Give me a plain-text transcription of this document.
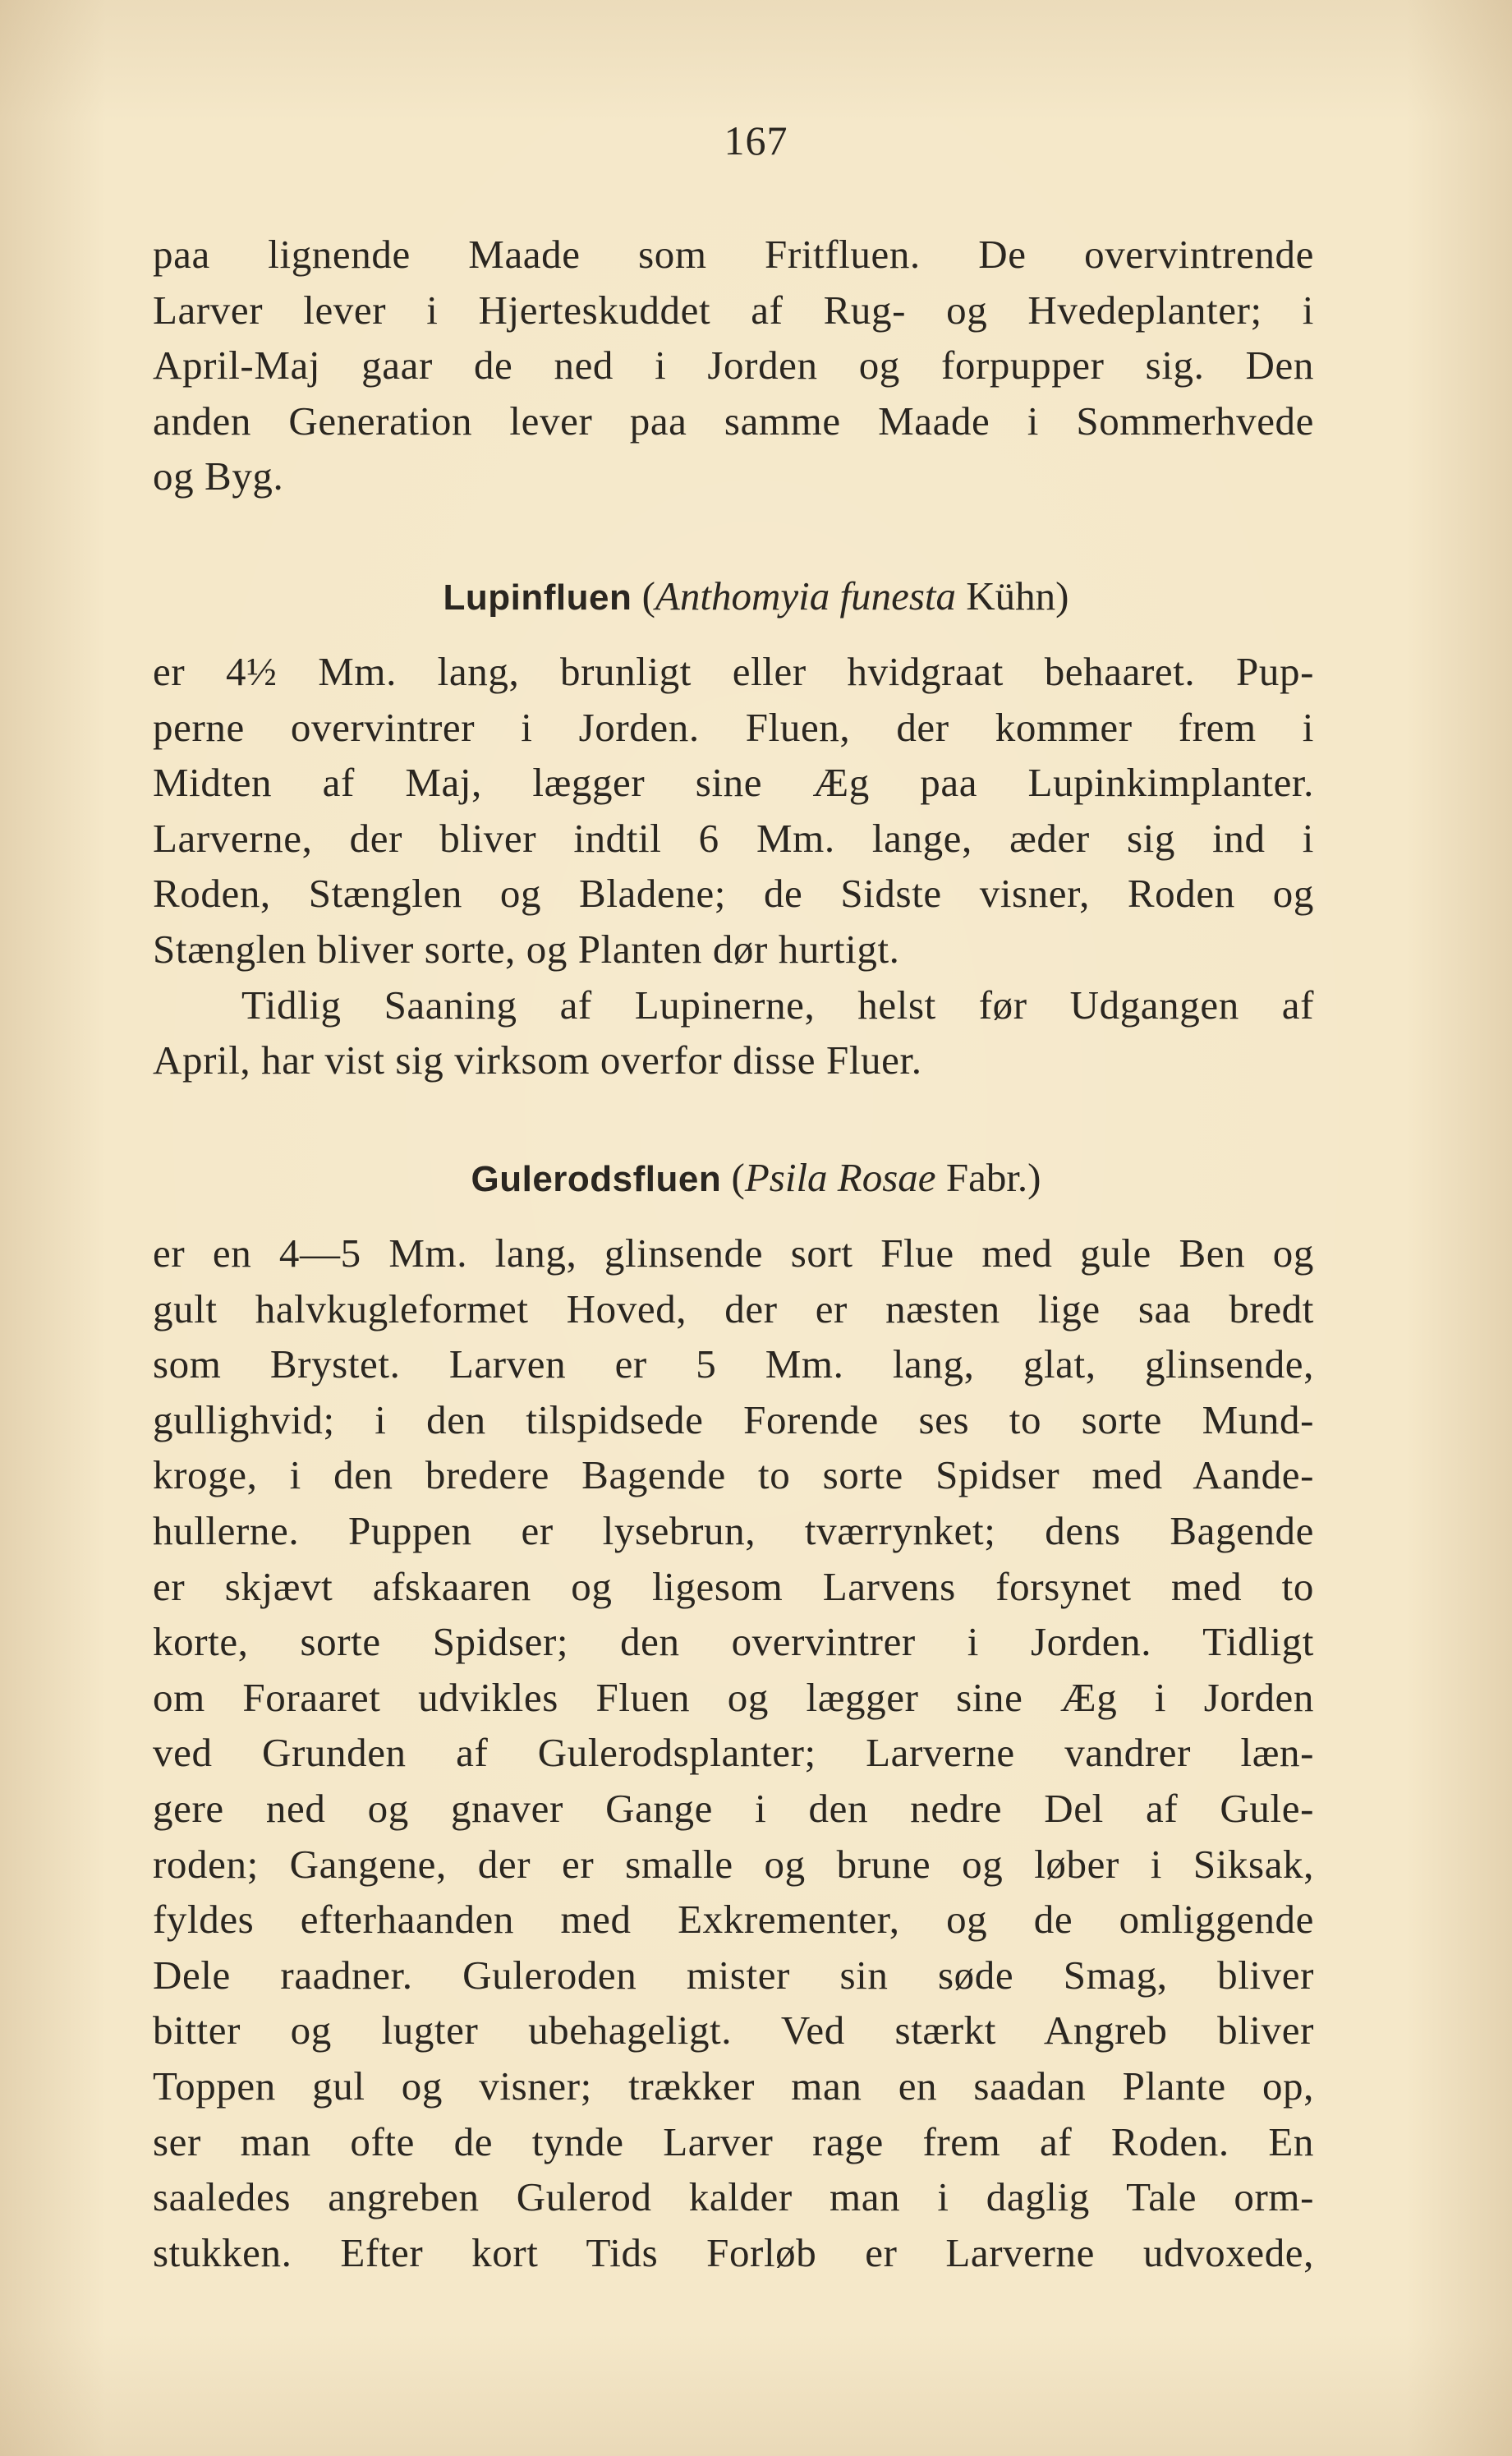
167
paa lignende Maade som Fritfluen. De overvintrende
Larver lever i Hjerteskuddet af Rug- og Hvedeplanter; i
April-Maj gaar de ned i Jorden og forpupper sig. Den
anden Generation lever paa samme Maade i Sommerhvede
og Byg.
Lupinfluen (Anthomyia funesta Kühn)
er 4½ Mm. lang, brunligt eller hvidgraat behaaret. Pup-
perne overvintrer i Jorden. Fluen, der kommer frem i
Midten af Maj, lægger sine Æg paa Lupinkimplanter.
Larverne, der bliver indtil 6 Mm. lange, æder sig ind i
Roden, Stænglen og Bladene; de Sidste visner, Roden og
Stænglen bliver sorte, og Planten dør hurtigt.
Tidlig Saaning af Lupinerne, helst før Udgangen af
April, har vist sig virksom overfor disse Fluer.
Gulerodsfluen (Psila Rosae Fabr.)
er en 4—5 Mm. lang, glinsende sort Flue med gule Ben og
gult halvkugleformet Hoved, der er næsten lige saa bredt
som Brystet. Larven er 5 Mm. lang, glat, glinsende,
gullighvid; i den tilspidsede Forende ses to sorte Mund-
kroge, i den bredere Bagende to sorte Spidser med Aande-
hullerne. Puppen er lysebrun, tværrynket; dens Bagende
er skjævt afskaaren og ligesom Larvens forsynet med to
korte, sorte Spidser; den overvintrer i Jorden. Tidligt
om Foraaret udvikles Fluen og lægger sine Æg i Jorden
ved Grunden af Gulerodsplanter; Larverne vandrer læn-
gere ned og gnaver Gange i den nedre Del af Gule-
roden; Gangene, der er smalle og brune og løber i Siksak,
fyldes efterhaanden med Exkrementer, og de omliggende
Dele raadner. Guleroden mister sin søde Smag, bliver
bitter og lugter ubehageligt. Ved stærkt Angreb bliver
Toppen gul og visner; trækker man en saadan Plante op,
ser man ofte de tynde Larver rage frem af Roden. En
saaledes angreben Gulerod kalder man i daglig Tale orm-
stukken. Efter kort Tids Forløb er Larverne udvoxede,
